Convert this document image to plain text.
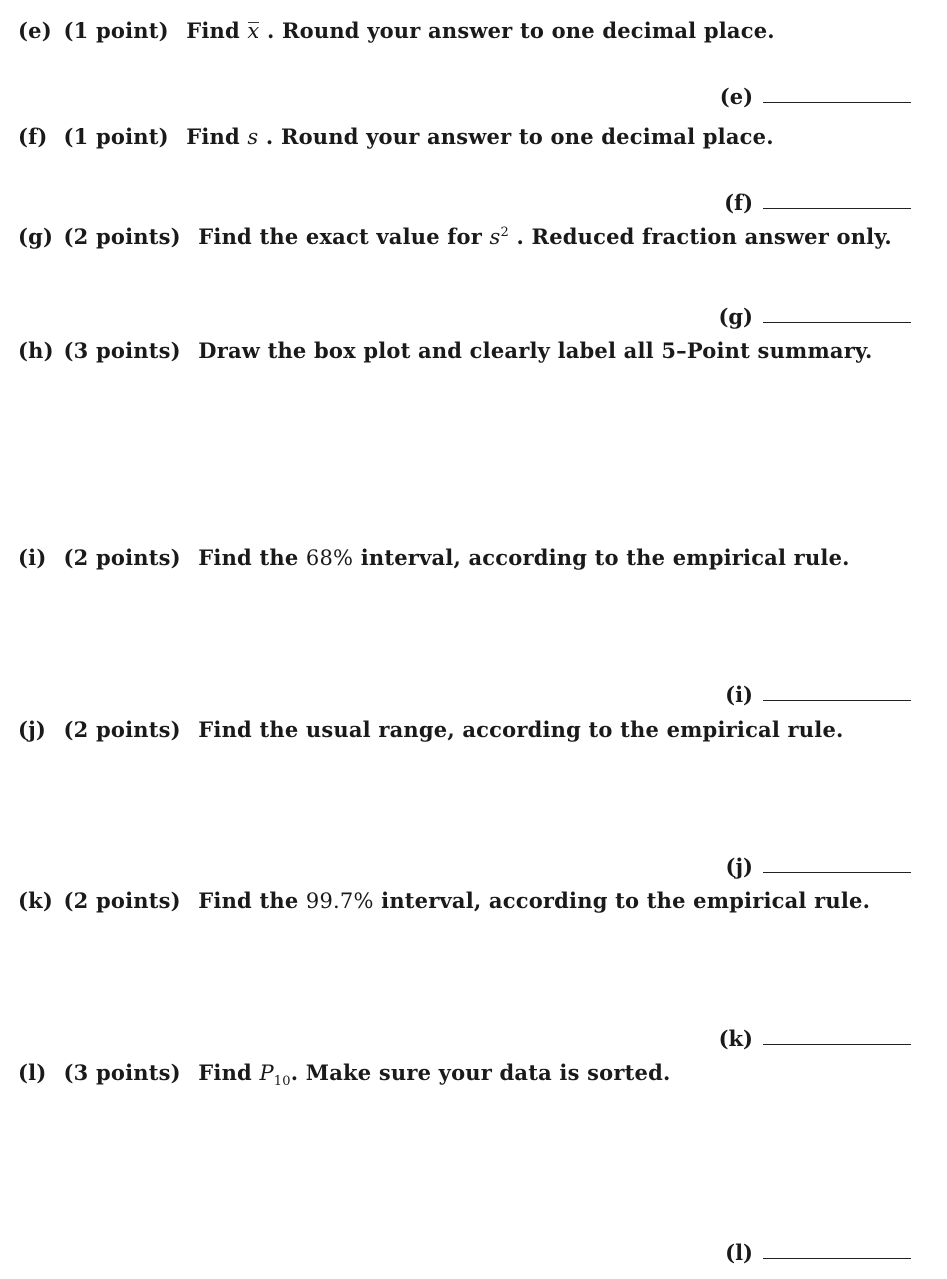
(e) (1 point) Find x . Round your answer to one decimal place.
(e)
(f) (1 point) Find s . Round your answer to one decimal place.
(f)
(g) (2 points) Find the exact value for $s^2$ . Reduced fraction answer only.
(g)
(h) (3 points) Draw the box plot and clearly label all 5–Point summary.
(i) (2 points) Find the 68% interval, according to the empirical rule.
(i)
(j) (2 points) Find the usual range, according to the empirical rule.
(j)
(k) (2 points) Find the 99.7% interval, according to the empirical rule.
(k)
(l) (3 points) Find $P_{10}$. Make sure your data is sorted.
(l)
